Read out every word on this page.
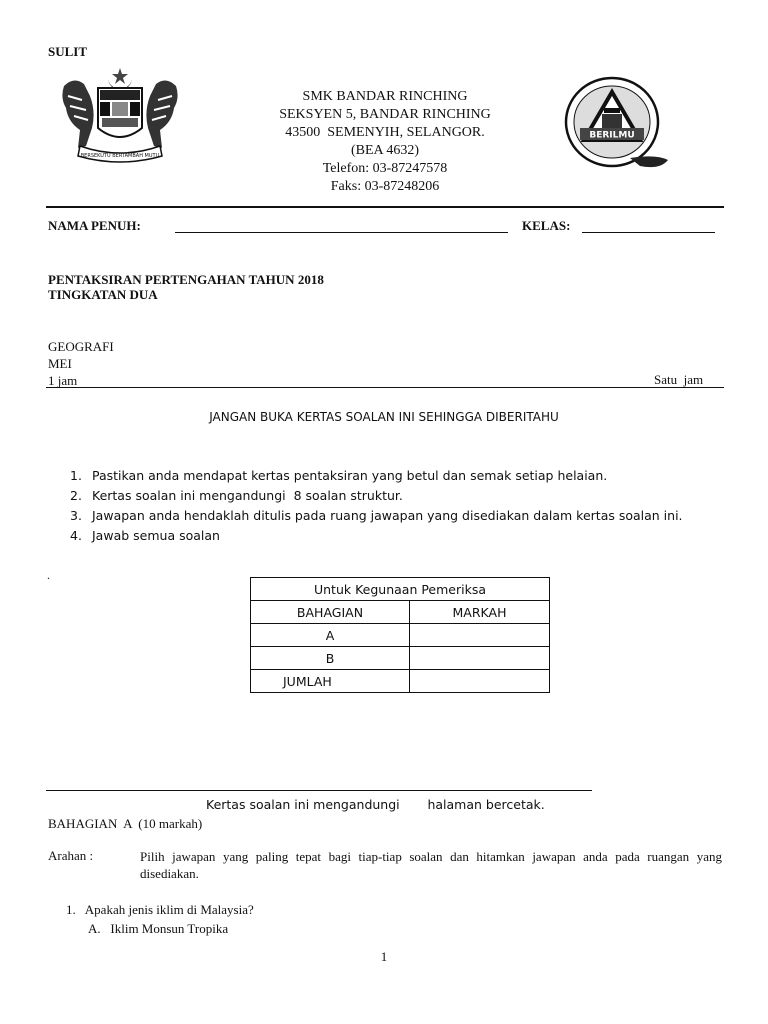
SULIT
BERSEKUTU BERTAMBAH MUTU
SMK BANDAR RINCHING
SEKSYEN 5, BANDAR RINCHING
43500  SEMENYIH, SELANGOR.
(BEA 4632)
Telefon: 03-87247578
Faks: 03-87248206
BERILMU
NAMA PENUH:	KELAS:
PENTAKSIRAN PERTENGAHAN TAHUN 2018
TINGKATAN DUA
GEOGRAFI
MEI
1 jam	Satu  jam
JANGAN BUKA KERTAS SOALAN INI SEHINGGA DIBERITAHU
1. Pastikan anda mendapat kertas pentaksiran yang betul dan semak setiap helaian.
2. Kertas soalan ini mengandungi  8 soalan struktur.
3. Jawapan anda hendaklah ditulis pada ruang jawapan yang disediakan dalam kertas soalan ini.
4. Jawab semua soalan
.
Untuk Kegunaan Pemeriksa	
BAHAGIAN	MARKAH
A	
B	
JUMLAH	
Kertas soalan ini mengandungi       halaman bercetak.
BAHAGIAN  A  (10 markah)
Arahan :	Pilih jawapan yang paling tepat bagi tiap-tiap soalan dan hitamkan jawapan anda pada ruangan yang disediakan.
1.   Apakah jenis iklim di Malaysia?
A.   Iklim Monsun Tropika
1
